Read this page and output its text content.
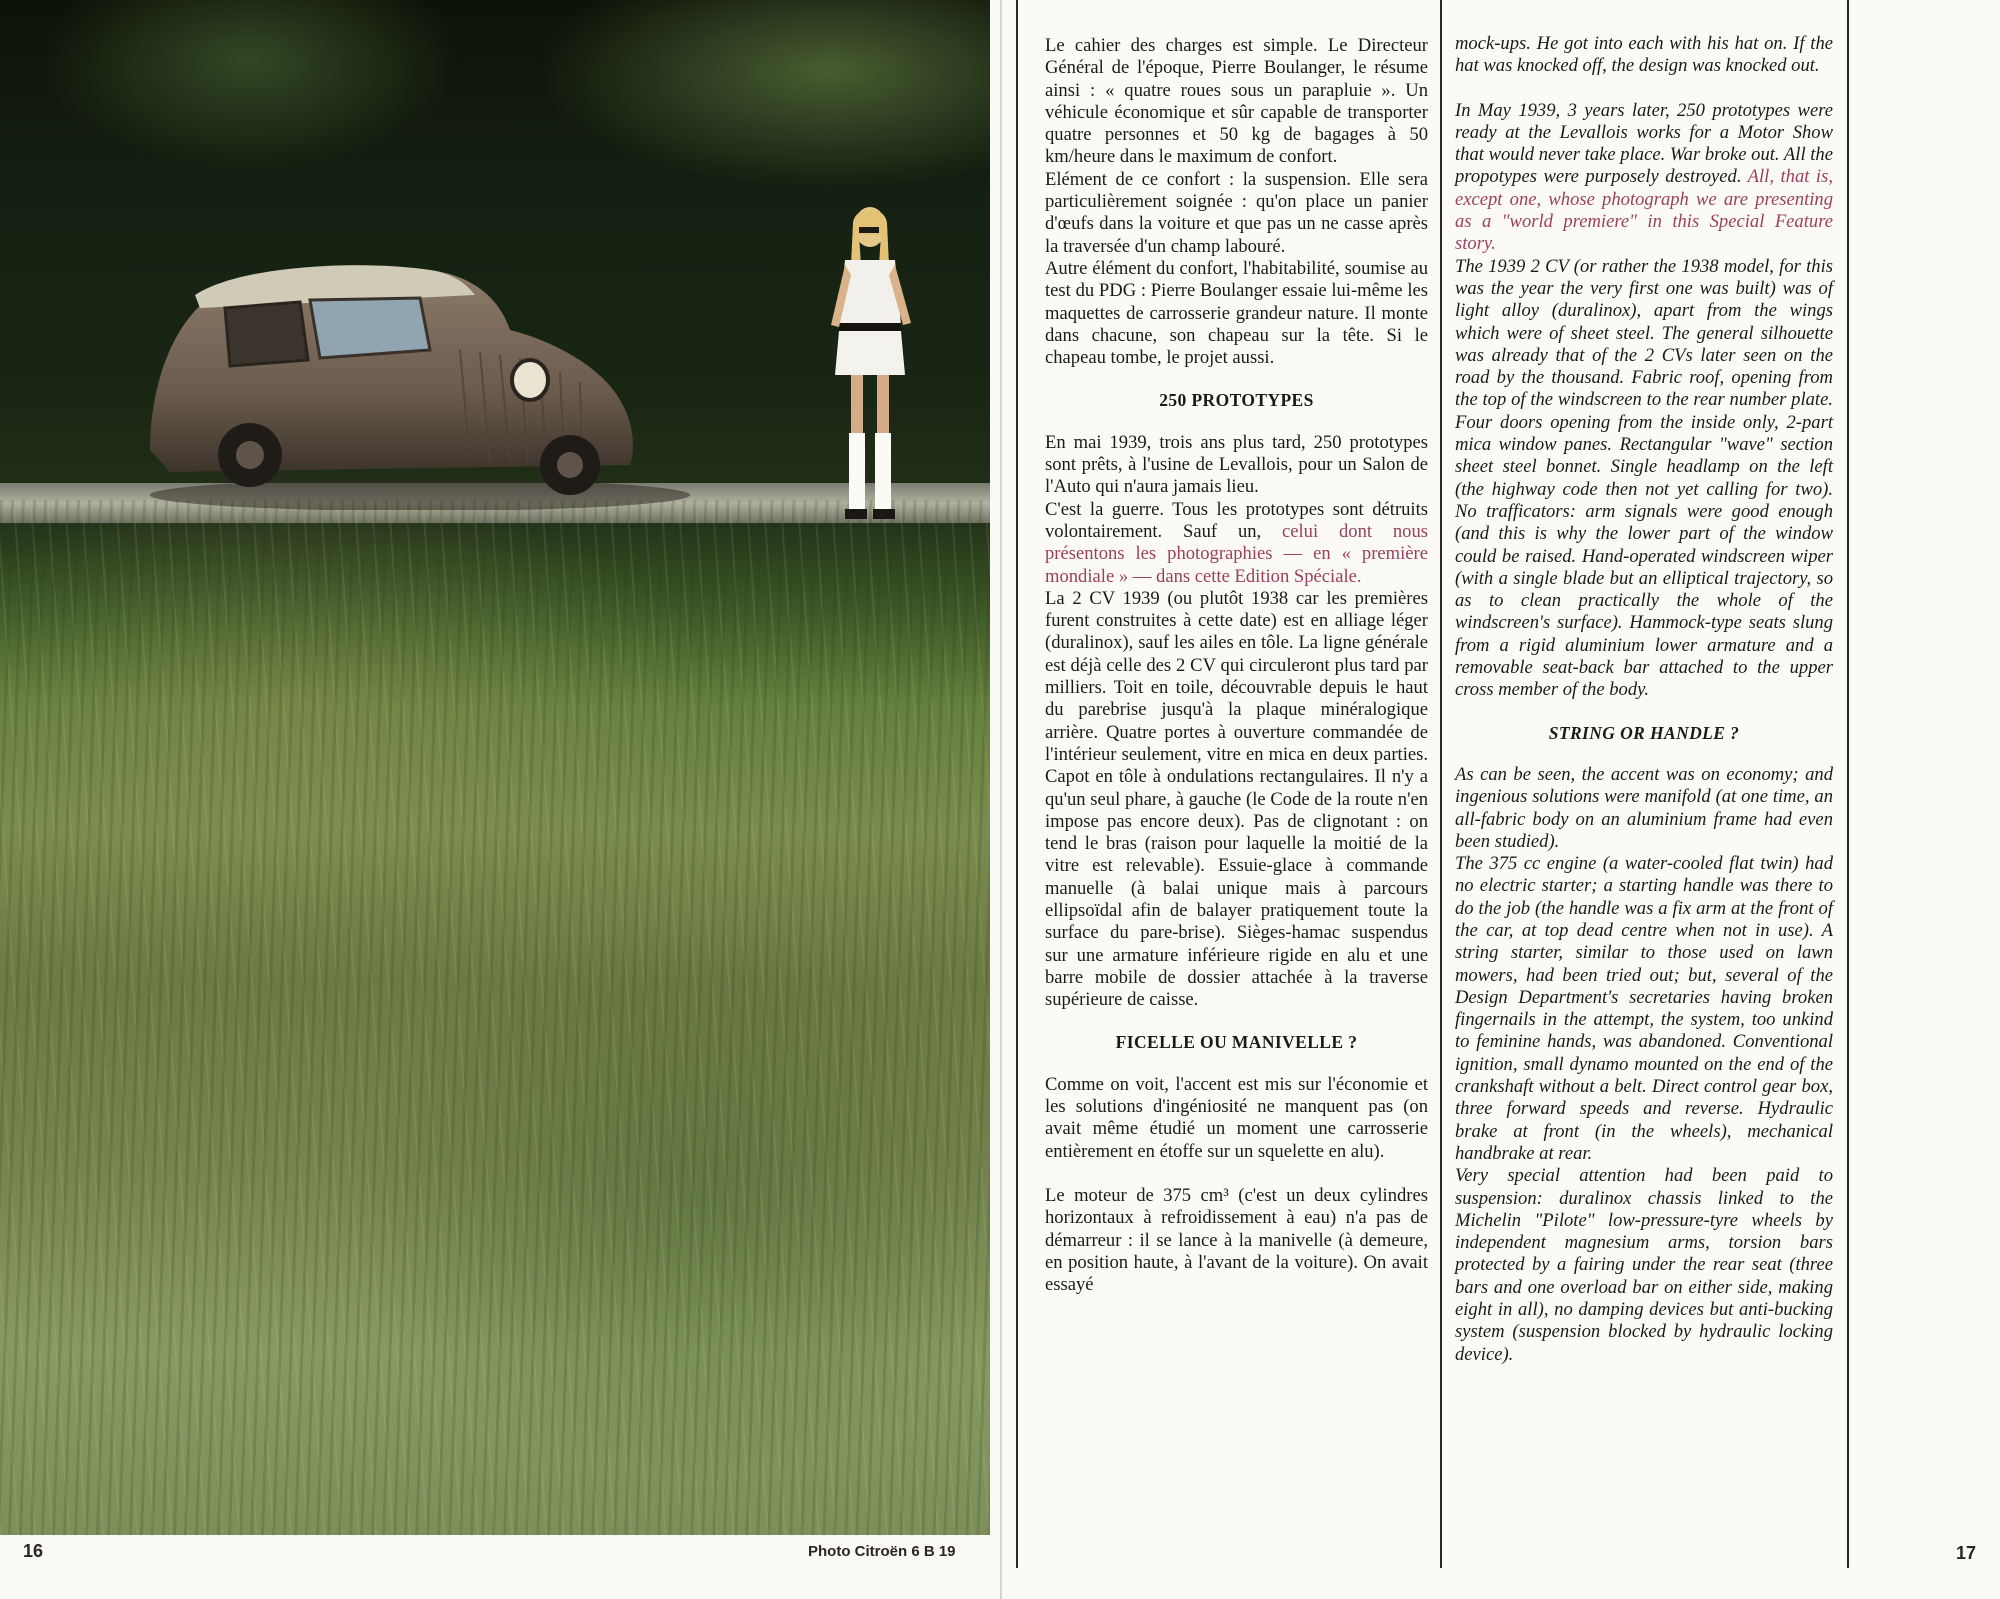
16	Photo Citroën 6 B 19

Le cahier des charges est simple. Le Directeur Général de l'époque, Pierre Boulanger, le résume ainsi : « quatre roues sous un parapluie ». Un véhicule économique et sûr capable de transporter quatre personnes et 50 kg de bagages à 50 km/heure dans le maximum de confort.

Elément de ce confort : la suspension. Elle sera particulièrement soignée : qu'on place un panier d'œufs dans la voiture et que pas un ne casse après la traversée d'un champ labouré.

Autre élément du confort, l'habitabilité, soumise au test du PDG : Pierre Boulanger essaie lui-même les maquettes de carrosserie grandeur nature. Il monte dans chacune, son chapeau sur la tête. Si le chapeau tombe, le projet aussi.

250 PROTOTYPES

En mai 1939, trois ans plus tard, 250 prototypes sont prêts, à l'usine de Levallois, pour un Salon de l'Auto qui n'aura jamais lieu.

C'est la guerre. Tous les prototypes sont détruits volontairement. Sauf un, celui dont nous présentons les photographies — en « première mondiale » — dans cette Edition Spéciale.

La 2 CV 1939 (ou plutôt 1938 car les premières furent construites à cette date) est en alliage léger (duralinox), sauf les ailes en tôle. La ligne générale est déjà celle des 2 CV qui circuleront plus tard par milliers. Toit en toile, découvrable depuis le haut du parebrise jusqu'à la plaque minéralogique arrière. Quatre portes à ouverture commandée de l'intérieur seulement, vitre en mica en deux parties. Capot en tôle à ondulations rectangulaires. Il n'y a qu'un seul phare, à gauche (le Code de la route n'en impose pas encore deux). Pas de clignotant : on tend le bras (raison pour laquelle la moitié de la vitre est relevable). Essuie-glace à commande manuelle (à balai unique mais à parcours ellipsoïdal afin de balayer pratiquement toute la surface du pare-brise). Sièges-hamac suspendus sur une armature inférieure rigide en alu et une barre mobile de dossier attachée à la traverse supérieure de caisse.

FICELLE OU MANIVELLE ?

Comme on voit, l'accent est mis sur l'économie et les solutions d'ingéniosité ne manquent pas (on avait même étudié un moment une carrosserie entièrement en étoffe sur un squelette en alu).

Le moteur de 375 cm³ (c'est un deux cylindres horizontaux à refroidissement à eau) n'a pas de démarreur : il se lance à la manivelle (à demeure, en position haute, à l'avant de la voiture). On avait essayé

mock-ups. He got into each with his hat on. If the hat was knocked off, the design was knocked out.

In May 1939, 3 years later, 250 prototypes were ready at the Levallois works for a Motor Show that would never take place. War broke out. All the propotypes were purposely destroyed. All, that is, except one, whose photograph we are presenting as a "world premiere" in this Special Feature story.

The 1939 2 CV (or rather the 1938 model, for this was the year the very first one was built) was of light alloy (duralinox), apart from the wings which were of sheet steel. The general silhouette was already that of the 2 CVs later seen on the road by the thousand. Fabric roof, opening from the top of the windscreen to the rear number plate. Four doors opening from the inside only, 2-part mica window panes. Rectangular "wave" section sheet steel bonnet. Single headlamp on the left (the highway code then not yet calling for two). No trafficators: arm signals were good enough (and this is why the lower part of the window could be raised. Hand-operated windscreen wiper (with a single blade but an elliptical trajectory, so as to clean practically the whole of the windscreen's surface). Hammock-type seats slung from a rigid aluminium lower armature and a removable seat-back bar attached to the upper cross member of the body.

STRING OR HANDLE ?

As can be seen, the accent was on economy; and ingenious solutions were manifold (at one time, an all-fabric body on an aluminium frame had even been studied).

The 375 cc engine (a water-cooled flat twin) had no electric starter; a starting handle was there to do the job (the handle was a fix arm at the front of the car, at top dead centre when not in use). A string starter, similar to those used on lawn mowers, had been tried out; but, several of the Design Department's secretaries having broken fingernails in the attempt, the system, too unkind to feminine hands, was abandoned. Conventional ignition, small dynamo mounted on the end of the crankshaft without a belt. Direct control gear box, three forward speeds and reverse. Hydraulic brake at front (in the wheels), mechanical handbrake at rear.

Very special attention had been paid to suspension: duralinox chassis linked to the Michelin "Pilote" low-pressure-tyre wheels by independent magnesium arms, torsion bars protected by a fairing under the rear seat (three bars and one overload bar on either side, making eight in all), no damping devices but anti-bucking system (suspension blocked by hydraulic locking device).

17
